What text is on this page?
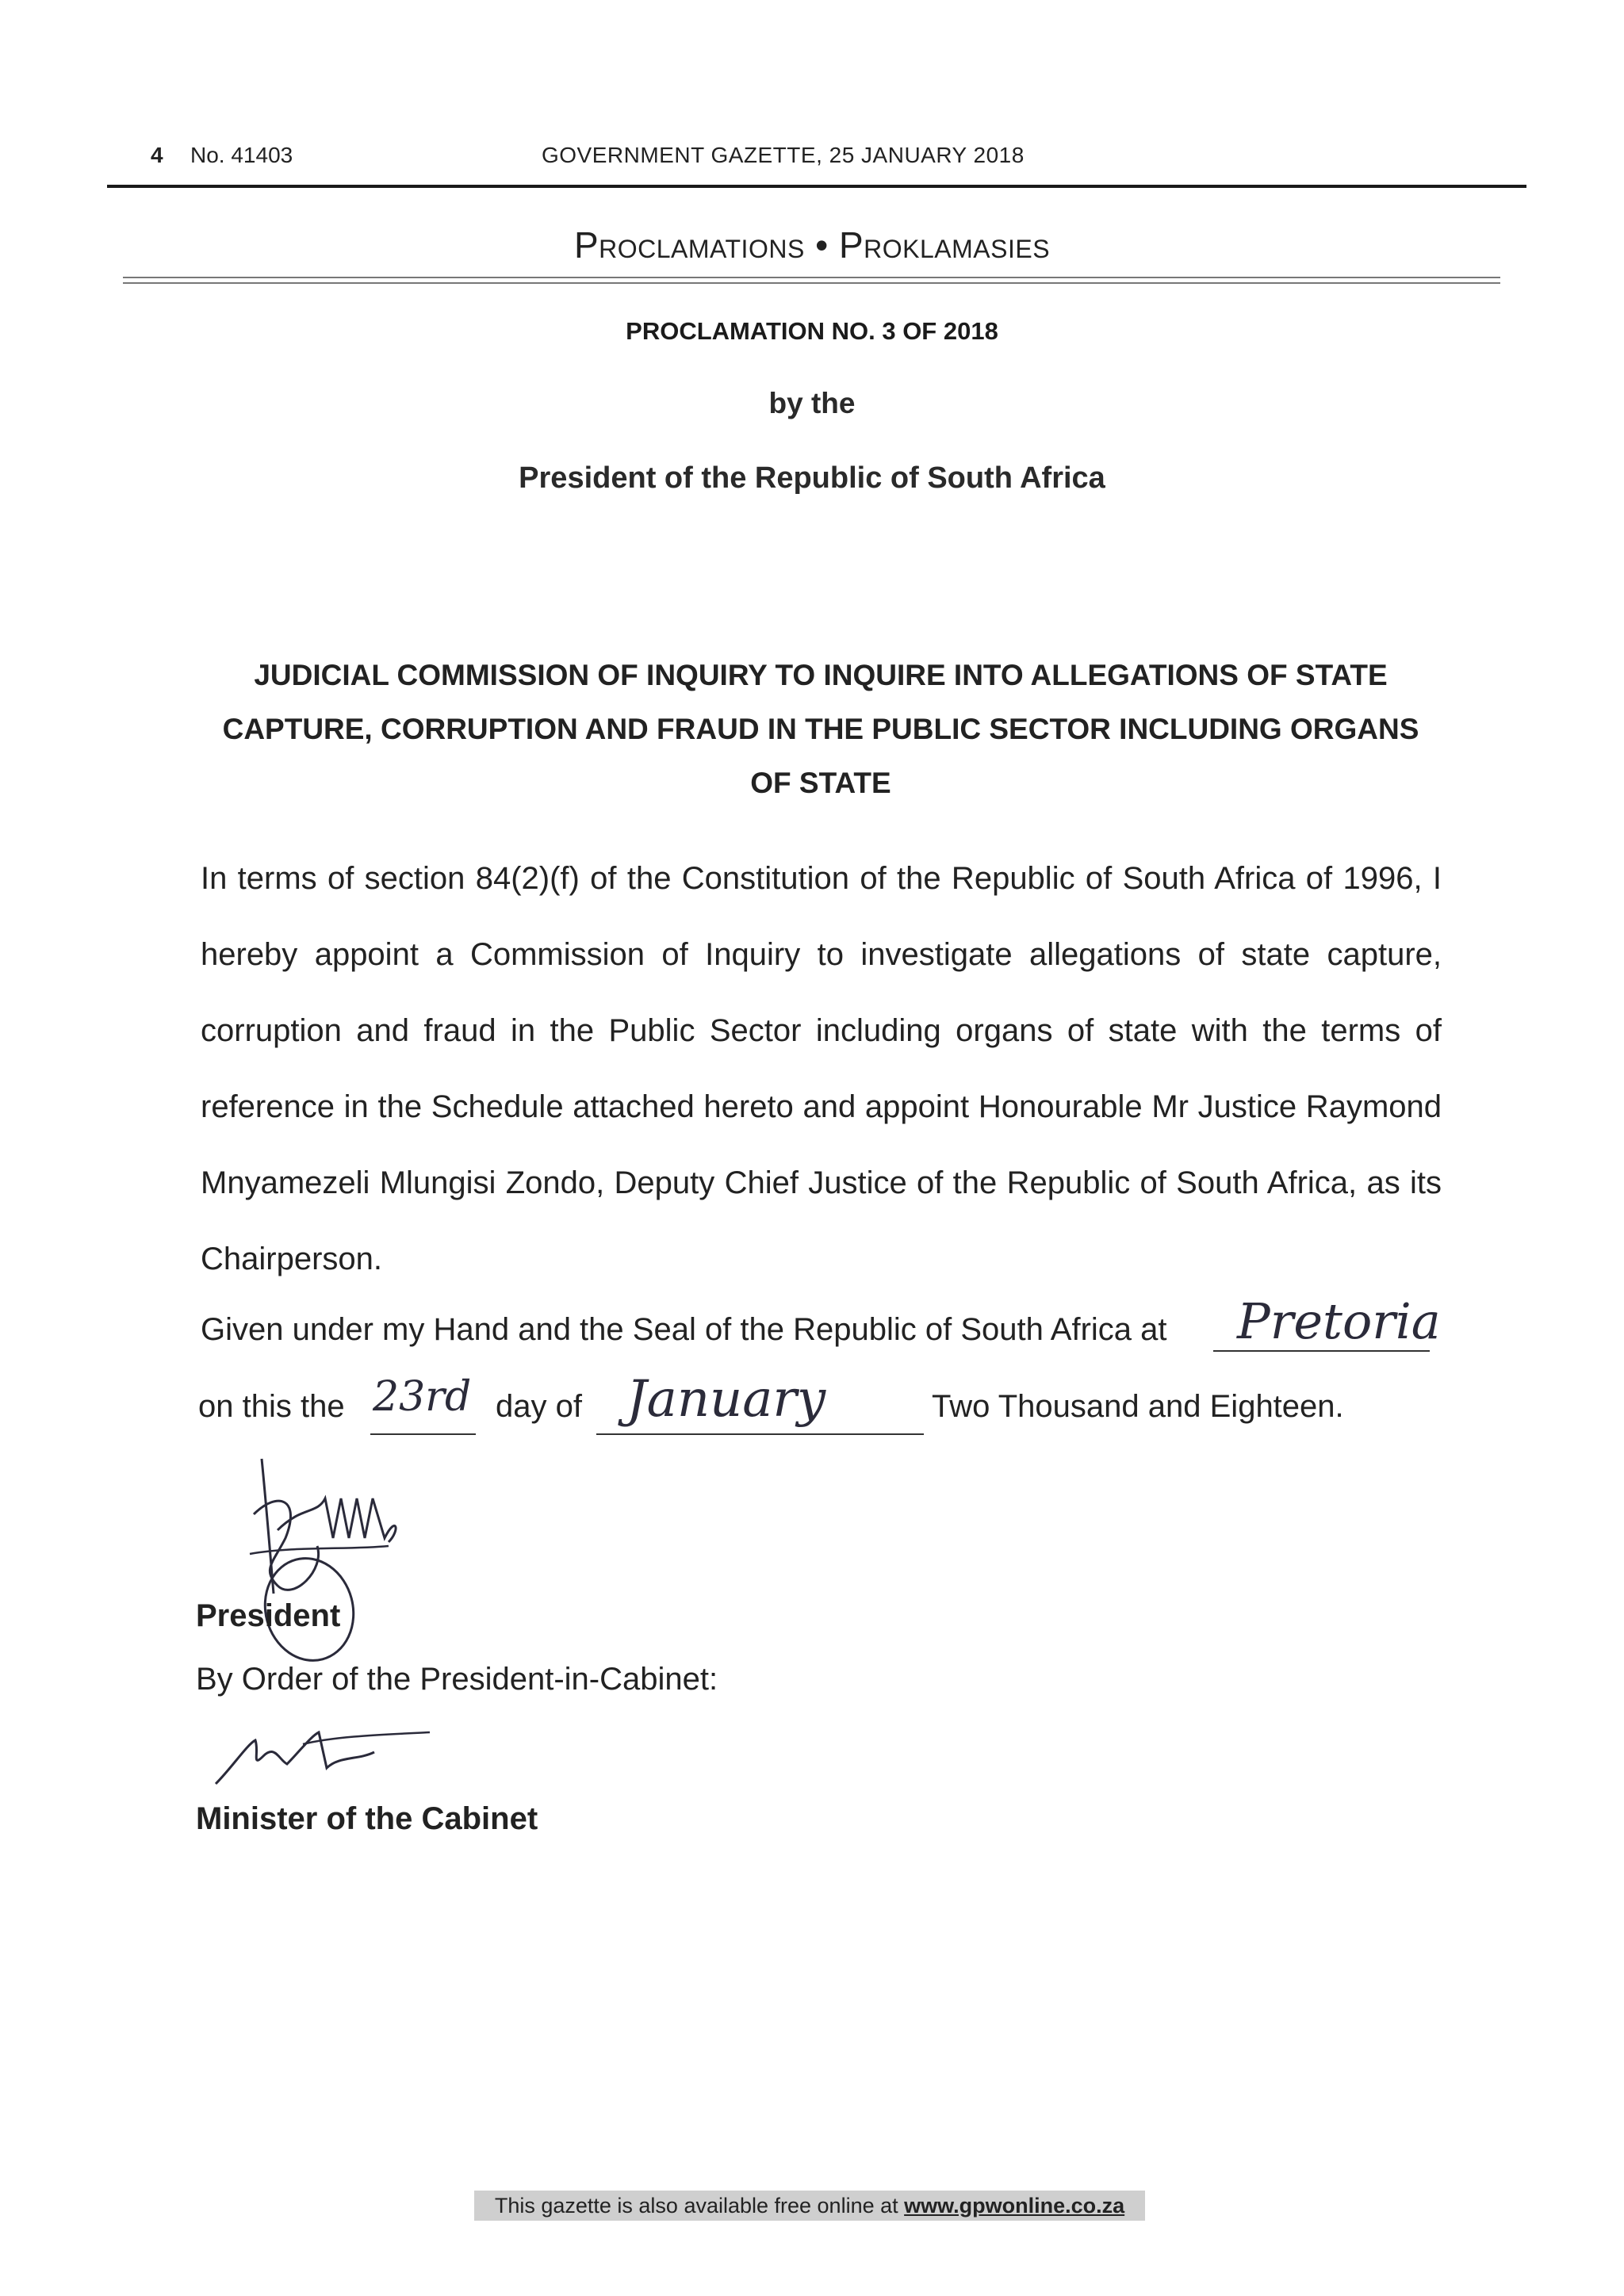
4 No. 41403	GOVERNMENT GAZETTE, 25 JANUARY 2018
Proclamations • Proklamasies
PROCLAMATION NO. 3 OF 2018
by the
President of the Republic of South Africa
JUDICIAL COMMISSION OF INQUIRY TO INQUIRE INTO ALLEGATIONS OF STATE CAPTURE, CORRUPTION AND FRAUD IN THE PUBLIC SECTOR INCLUDING ORGANS OF STATE
In terms of section 84(2)(f) of the Constitution of the Republic of South Africa of 1996, I hereby appoint a Commission of Inquiry to investigate allegations of state capture, corruption and fraud in the Public Sector including organs of state with the terms of reference in the Schedule attached hereto and appoint Honourable Mr Justice Raymond Mnyamezeli Mlungisi Zondo, Deputy Chief Justice of the Republic of South Africa, as its Chairperson.
Given under my Hand and the Seal of the Republic of South Africa at Pretoria
on this the	day of	Two Thousand and Eighteen.
23rd	January
President
By Order of the President-in-Cabinet:
Minister of the Cabinet
This gazette is also available free online at www.gpwonline.co.za
